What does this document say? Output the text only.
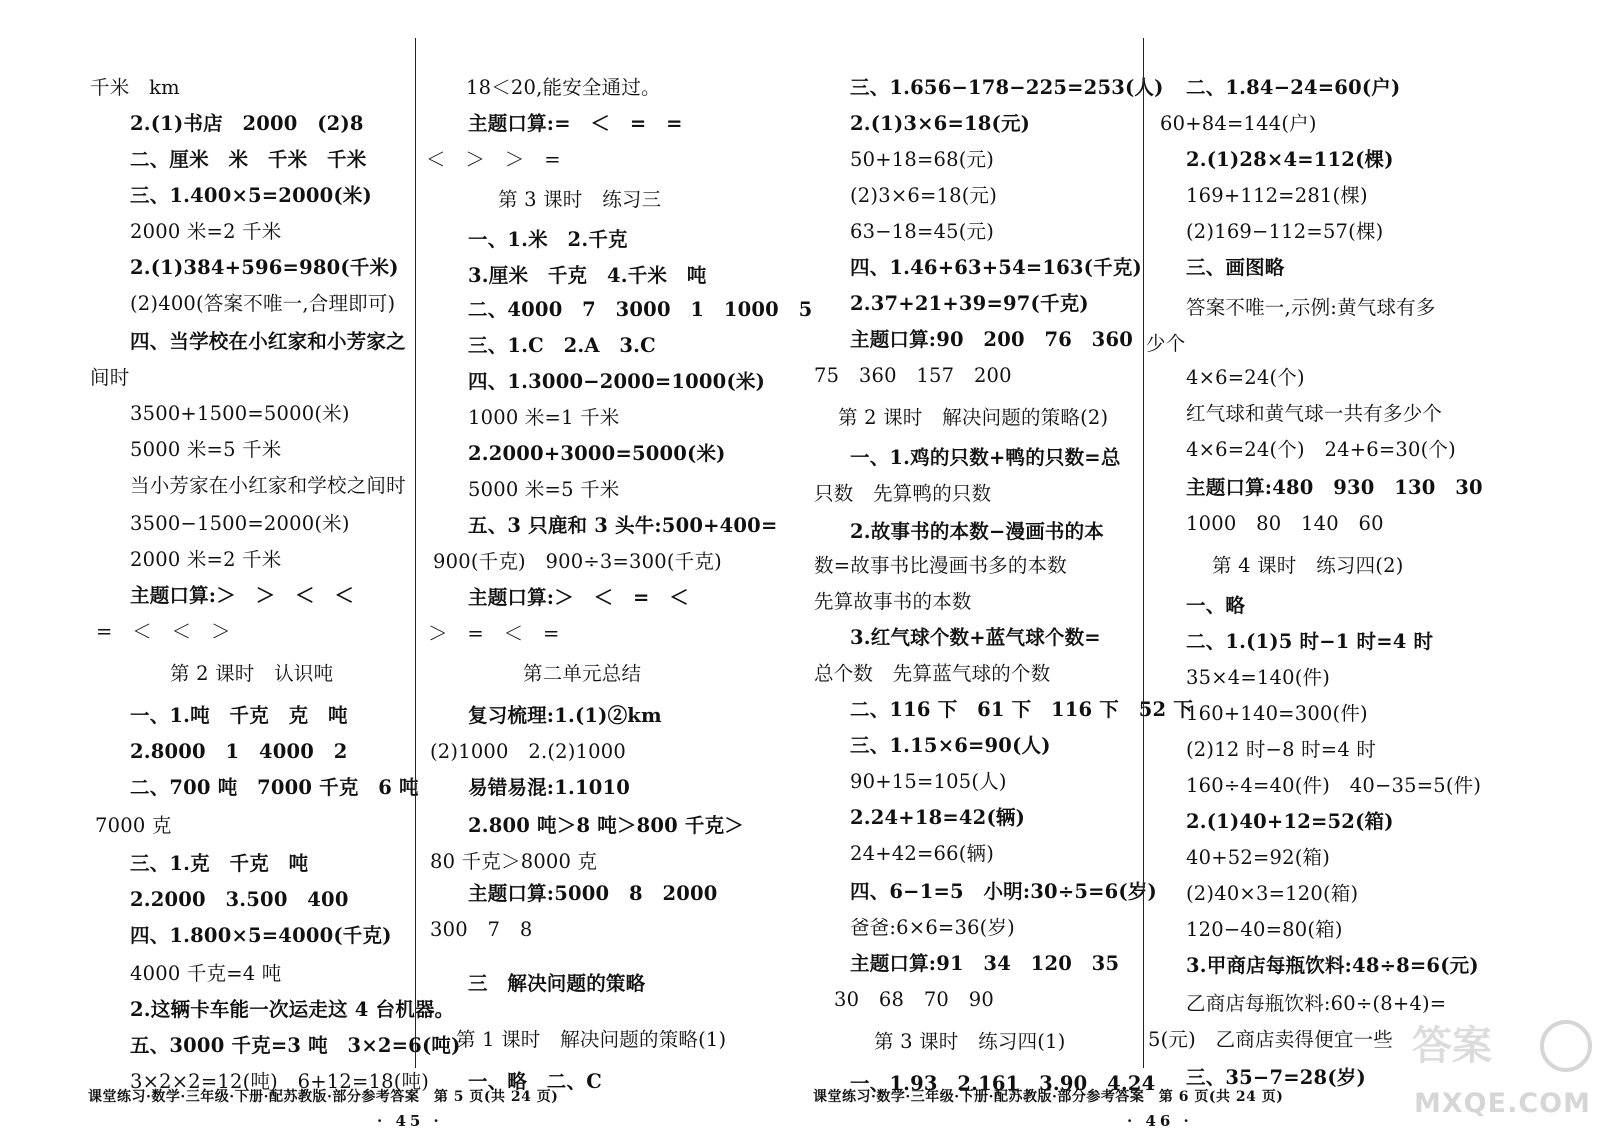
千米　km
2.(1)书店　2000　(2)8
二、厘米　米　千米　千米
三、1.400×5=2000(米)
2000 米=2 千米
2.(1)384+596=980(千米)
(2)400(答案不唯一,合理即可)
四、当学校在小红家和小芳家之
间时
3500+1500=5000(米)
5000 米=5 千米
当小芳家在小红家和学校之间时
3500−1500=2000(米)
2000 米=2 千米
主题口算:＞　＞　＜　＜
=　＜　＜　＞
第 2 课时　认识吨
一、1.吨　千克　克　吨
2.8000　1　4000　2
二、700 吨　7000 千克　6 吨
7000 克
三、1.克　千克　吨
2.2000　3.500　400
四、1.800×5=4000(千克)
4000 千克=4 吨
2.这辆卡车能一次运走这 4 台机器。
五、3000 千克=3 吨　3×2=6(吨)
3×2×2=12(吨)　6+12=18(吨)
18＜20,能安全通过。
主题口算:=　＜　=　=
＜　＞　＞　=
第 3 课时　练习三
一、1.米　2.千克
3.厘米　千克　4.千米　吨
二、4000　7　3000　1　1000　5
三、1.C　2.A　3.C
四、1.3000−2000=1000(米)
1000 米=1 千米
2.2000+3000=5000(米)
5000 米=5 千米
五、3 只鹿和 3 头牛:500+400=
900(千克)　900÷3=300(千克)
主题口算:＞　＜　=　＜
＞　=　＜　=
第二单元总结
复习梳理:1.(1)②km
(2)1000　2.(2)1000
易错易混:1.1010
2.800 吨＞8 吨＞800 千克＞
80 千克＞8000 克
主题口算:5000　8　2000
300　7　8
三　解决问题的策略
第 1 课时　解决问题的策略(1)
一、略　二、C
课堂练习·数学·三年级·下册·配苏教版·部分参考答案　第 5 页(共 24 页)
· 45 ·
三、1.656−178−225=253(人)
2.(1)3×6=18(元)
50+18=68(元)
(2)3×6=18(元)
63−18=45(元)
四、1.46+63+54=163(千克)
2.37+21+39=97(千克)
主题口算:90　200　76　360
75　360　157　200
第 2 课时　解决问题的策略(2)
一、1.鸡的只数+鸭的只数=总
只数　先算鸭的只数
2.故事书的本数−漫画书的本
数=故事书比漫画书多的本数
先算故事书的本数
3.红气球个数+蓝气球个数=
总个数　先算蓝气球的个数
二、116 下　61 下　116 下　52 下
三、1.15×6=90(人)
90+15=105(人)
2.24+18=42(辆)
24+42=66(辆)
四、6−1=5　小明:30÷5=6(岁)
爸爸:6×6=36(岁)
主题口算:91　34　120　35
30　68　70　90
第 3 课时　练习四(1)
一、1.93　2.161　3.90　4.24
二、1.84−24=60(户)
60+84=144(户)
2.(1)28×4=112(棵)
169+112=281(棵)
(2)169−112=57(棵)
三、画图略
答案不唯一,示例:黄气球有多
少个
4×6=24(个)
红气球和黄气球一共有多少个
4×6=24(个)　24+6=30(个)
主题口算:480　930　130　30
1000　80　140　60
第 4 课时　练习四(2)
一、略
二、1.(1)5 时−1 时=4 时
35×4=140(件)
160+140=300(件)
(2)12 时−8 时=4 时
160÷4=40(件)　40−35=5(件)
2.(1)40+12=52(箱)
40+52=92(箱)
(2)40×3=120(箱)
120−40=80(箱)
3.甲商店每瓶饮料:48÷8=6(元)
乙商店每瓶饮料:60÷(8+4)=
5(元)　乙商店卖得便宜一些
三、35−7=28(岁)
课堂练习·数学·三年级·下册·配苏教版·部分参考答案　第 6 页(共 24 页)
· 46 ·
答案
MXQE.COM
